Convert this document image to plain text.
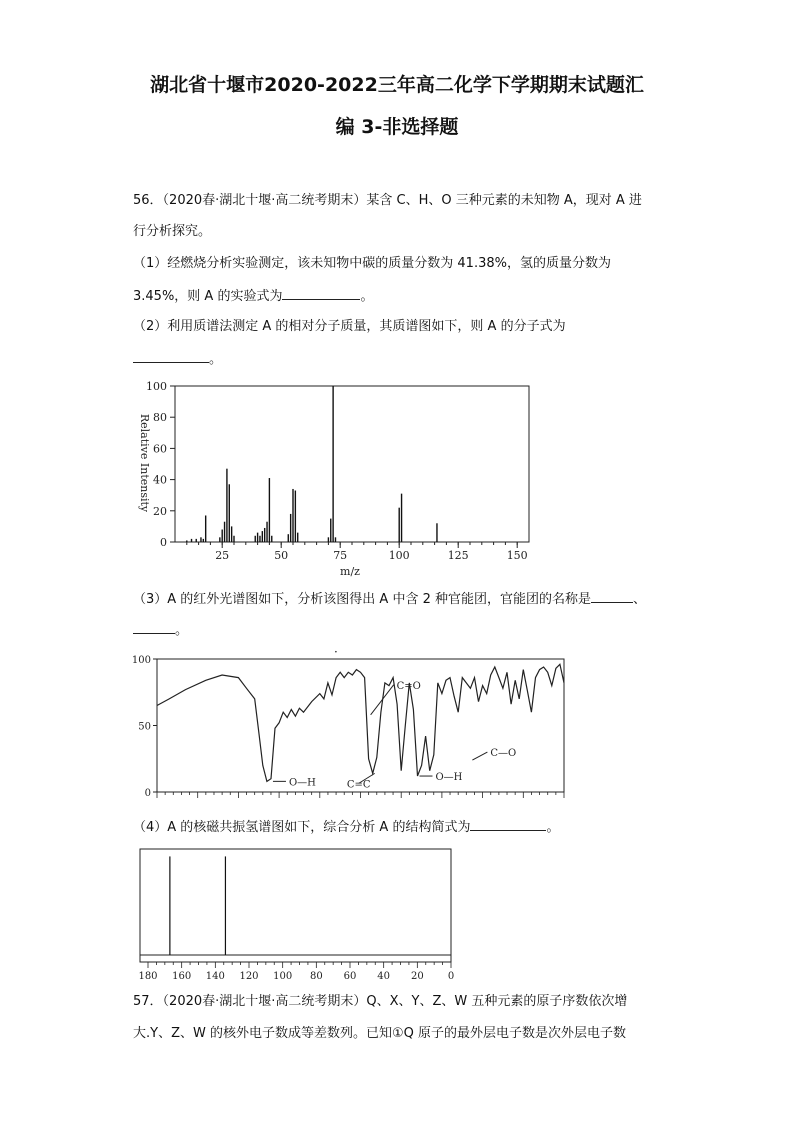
湖北省十堰市2020-2022三年高二化学下学期期末试题汇
编 3-非选择题
56．（2020春·湖北十堰·高二统考期末）某含 C、H、O 三种元素的未知物 A，现对 A 进
行分析探究。
（1）经燃烧分析实验测定，该未知物中碳的质量分数为 41.38%，氢的质量分数为
3.45%，则 A 的实验式为	。
（2）利用质谱法测定 A 的相对分子质量，其质谱图如下，则 A 的分子式为
。
25	50	75	100	125	150
0
20
40
60
80
100
Relative Intensity
m/z
（3）A 的红外光谱图如下，分析该图得出 A 中含 2 种官能团，官能团的名称是	、
。
·
100
50
0
O—H
C=O
C=C
O—H
C—O
（4）A 的核磁共振氢谱图如下，综合分析 A 的结构简式为	。
180 160 140 120 100 80 60 40 20 0
57．（2020春·湖北十堰·高二统考期末）Q、X、Y、Z、W 五种元素的原子序数依次增
大.Y、Z、W 的核外电子数成等差数列。已知①Q 原子的最外层电子数是次外层电子数
